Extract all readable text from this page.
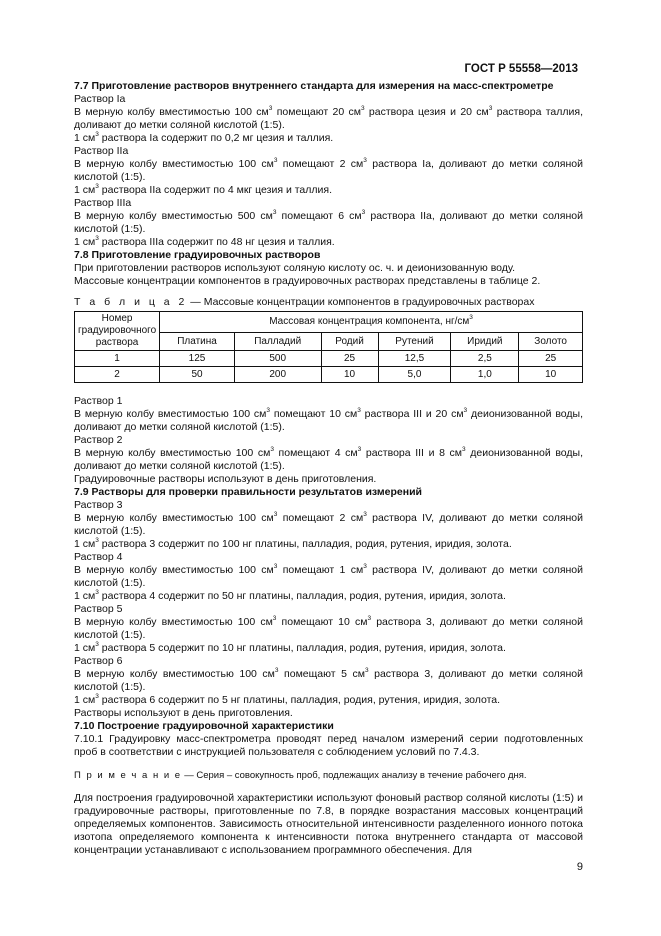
ГОСТ Р 55558—2013

7.7 Приготовление растворов внутреннего стандарта для измерения на масс-спектрометре

Раствор Ia

В мерную колбу вместимостью 100 $см^3$ помещают 20 $см^3$ раствора цезия и 20 $см^3$ раствора таллия, доливают до метки соляной кислотой (1:5).

1 $см^3$ раствора Ia содержит по 0,2 мг цезия и таллия.

Раствор IIa

В мерную колбу вместимостью 100 $см^3$ помещают 2 $см^3$ раствора Ia, доливают до метки соляной кислотой (1:5).

1 $см^3$ раствора IIa содержит по 4 мкг цезия и таллия.

Раствор IIIa

В мерную колбу вместимостью 500 $см^3$ помещают 6 $см^3$ раствора IIa, доливают до метки соляной кислотой (1:5).

1 $см^3$ раствора IIIa содержит по 48 нг цезия и таллия.

7.8 Приготовление градуировочных растворов

При приготовлении растворов используют соляную кислоту ос. ч. и деионизованную воду.

Массовые концентрации компонентов в градуировочных растворах представлены в таблице 2.

Т а б л и ц а 2 — Массовые концентрации компонентов в градуировочных растворах
Номер градуировочного раствора	Массовая концентрация компонента, $нг/см^3$
	Платина	Палладий	Родий	Рутений	Иридий	Золото
1	125	500	25	12,5	2,5	25
2	50	200	10	5,0	1,0	10

Раствор 1

В мерную колбу вместимостью 100 $см^3$ помещают 10 $см^3$ раствора III и 20 $см^3$ деионизованной воды, доливают до метки соляной кислотой (1:5).

Раствор 2

В мерную колбу вместимостью 100 $см^3$ помещают 4 $см^3$ раствора III и 8 $см^3$ деионизованной воды, доливают до метки соляной кислотой (1:5).

Градуировочные растворы используют в день приготовления.

7.9 Растворы для проверки правильности результатов измерений

Раствор 3

В мерную колбу вместимостью 100 $см^3$ помещают 2 $см^3$ раствора IV, доливают до метки соляной кислотой (1:5).

1 $см^3$ раствора 3 содержит по 100 нг платины, палладия, родия, рутения, иридия, золота.

Раствор 4

В мерную колбу вместимостью 100 $см^3$ помещают 1 $см^3$ раствора IV, доливают до метки соляной кислотой (1:5).

1 $см^3$ раствора 4 содержит по 50 нг платины, палладия, родия, рутения, иридия, золота.

Раствор 5

В мерную колбу вместимостью 100 $см^3$ помещают 10 $см^3$ раствора 3, доливают до метки соляной кислотой (1:5).

1 $см^3$ раствора 5 содержит по 10 нг платины, палладия, родия, рутения, иридия, золота.

Раствор 6

В мерную колбу вместимостью 100 $см^3$ помещают 5 $см^3$ раствора 3, доливают до метки соляной кислотой (1:5).

1 $см^3$ раствора 6 содержит по 5 нг платины, палладия, родия, рутения, иридия, золота.

Растворы используют в день приготовления.

7.10 Построение градуировочной характеристики

7.10.1 Градуировку масс-спектрометра проводят перед началом измерений серии подготовленных проб в соответствии с инструкцией пользователя с соблюдением условий по 7.4.3.

П р и м е ч а н и е — Серия – совокупность проб, подлежащих анализу в течение рабочего дня.

Для построения градуировочной характеристики используют фоновый раствор соляной кислоты (1:5) и градуировочные растворы, приготовленные по 7.8, в порядке возрастания массовых концентраций определяемых компонентов. Зависимость относительной интенсивности разделенного ионного потока изотопа определяемого компонента к интенсивности потока внутреннего стандарта от массовой концентрации устанавливают с использованием программного обеспечения. Для

9
